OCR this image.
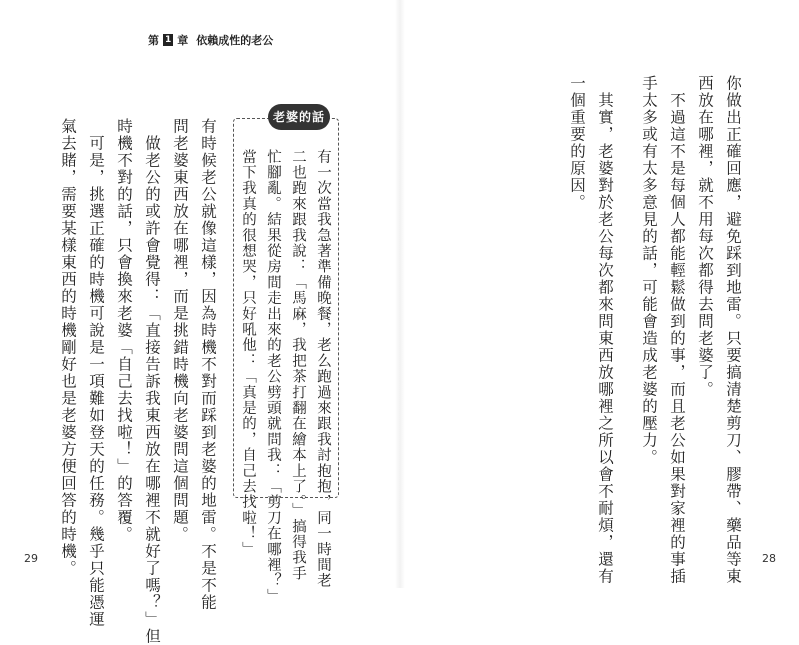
第 1 章 依賴成性的老公
你做出正確回應，避免踩到地雷。只要搞清楚剪刀、膠帶、藥品等東
西放在哪裡，就不用每次都得去問老婆了。
　不過這不是每個人都能輕鬆做到的事，而且老公如果對家裡的事插
手太多或有太多意見的話，可能會造成老婆的壓力。
　其實，老婆對於老公每次都來問東西放哪裡之所以會不耐煩，還有
一個重要的原因。
28
有一次當我急著準備晚餐，老么跑過來跟我討抱抱，同一時間老
二也跑來跟我說：「馬麻，我把茶打翻在繪本上了。」搞得我手
忙腳亂。結果從房間走出來的老公劈頭就問我：「剪刀在哪裡？」
當下我真的很想哭，只好吼他：「真是的，自己去找啦！」
老婆的話
有時候老公就像這樣，因為時機不對而踩到老婆的地雷。不是不能
問老婆東西放在哪裡，而是挑錯時機向老婆問這個問題。
　做老公的或許會覺得：「直接告訴我東西放在哪裡不就好了嗎？」但
時機不對的話，只會換來老婆「自己去找啦！」的答覆。
　可是，挑選正確的時機可說是一項難如登天的任務。幾乎只能憑運
氣去賭，需要某樣東西的時機剛好也是老婆方便回答的時機。
29
